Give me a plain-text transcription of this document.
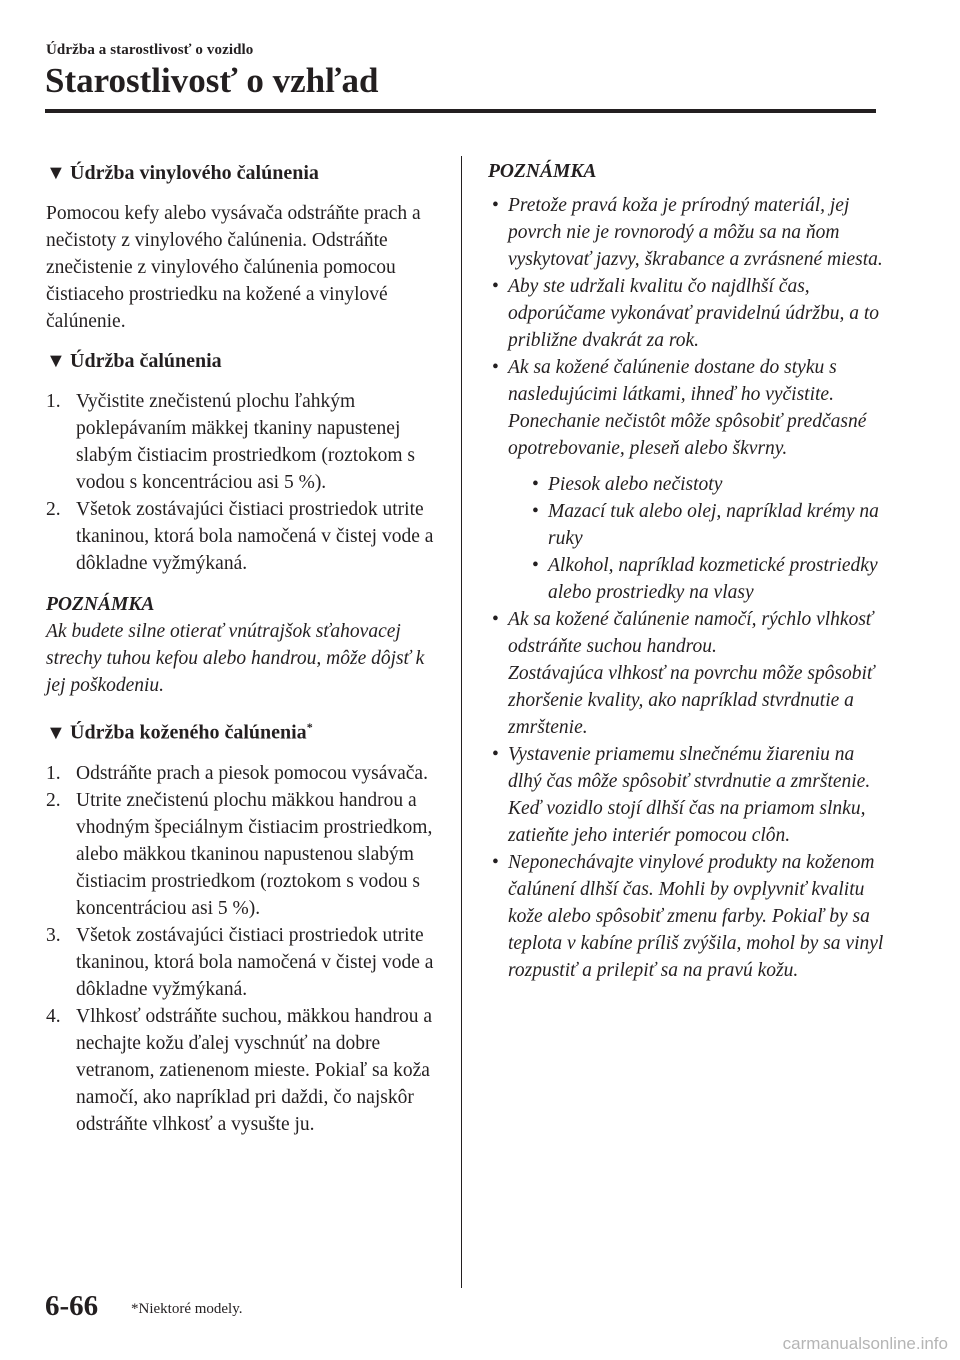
Údržba a starostlivosť o vozidlo
Starostlivosť o vzhľad
▼ Údržba vinylového čalúnenia

Pomocou kefy alebo vysávača odstráňte prach a nečistoty z vinylového čalúnenia. Odstráňte znečistenie z vinylového čalúnenia pomocou čistiaceho prostriedku na kožené a vinylové čalúnenie.

▼ Údržba čalúnenia
1. Vyčistite znečistenú plochu ľahkým poklepávaním mäkkej tkaniny napustenej slabým čistiacim prostriedkom (roztokom s vodou s koncentráciou asi 5 %).
2. Všetok zostávajúci čistiaci prostriedok utrite tkaninou, ktorá bola namočená v čistej vode a dôkladne vyžmýkaná.

POZNÁMKA

Ak budete silne otierať vnútrajšok sťahovacej strechy tuhou kefou alebo handrou, môže dôjsť k jej poškodeniu.

▼ Údržba koženého čalúnenia*
1. Odstráňte prach a piesok pomocou vysávača.
2. Utrite znečistenú plochu mäkkou handrou a vhodným špeciálnym čistiacim prostriedkom, alebo mäkkou tkaninou napustenou slabým čistiacim prostriedkom (roztokom s vodou s koncentráciou asi 5 %).
3. Všetok zostávajúci čistiaci prostriedok utrite tkaninou, ktorá bola namočená v čistej vode a dôkladne vyžmýkaná.
4. Vlhkosť odstráňte suchou, mäkkou handrou a nechajte kožu ďalej vyschnúť na dobre vetranom, zatienenom mieste. Pokiaľ sa koža namočí, ako napríklad pri daždi, čo najskôr odstráňte vlhkosť a vysušte ju.

POZNÁMKA

• Pretože pravá koža je prírodný materiál, jej povrch nie je rovnorodý a môžu sa na ňom vyskytovať jazvy, škrabance a zvrásnené miesta.
• Aby ste udržali kvalitu čo najdlhší čas, odporúčame vykonávať pravidelnú údržbu, a to približne dvakrát za rok.
• Ak sa kožené čalúnenie dostane do styku s nasledujúcimi látkami, ihneď ho vyčistite.
Ponechanie nečistôt môže spôsobiť predčasné opotrebovanie, pleseň alebo škvrny.
• Piesok alebo nečistoty
• Mazací tuk alebo olej, napríklad krémy na ruky
• Alkohol, napríklad kozmetické prostriedky alebo prostriedky na vlasy
• Ak sa kožené čalúnenie namočí, rýchlo vlhkosť odstráňte suchou handrou.
Zostávajúca vlhkosť na povrchu môže spôsobiť zhoršenie kvality, ako napríklad stvrdnutie a zmrštenie.
• Vystavenie priamemu slnečnému žiareniu na dlhý čas môže spôsobiť stvrdnutie a zmrštenie. Keď vozidlo stojí dlhší čas na priamom slnku, zatieňte jeho interiér pomocou clôn.
• Neponechávajte vinylové produkty na koženom čalúnení dlhší čas. Mohli by ovplyvniť kvalitu kože alebo spôsobiť zmenu farby. Pokiaľ by sa teplota v kabíne príliš zvýšila, mohol by sa vinyl rozpustiť a prilepiť sa na pravú kožu.
6-66 *Niektoré modely.
carmanualsonline.info
